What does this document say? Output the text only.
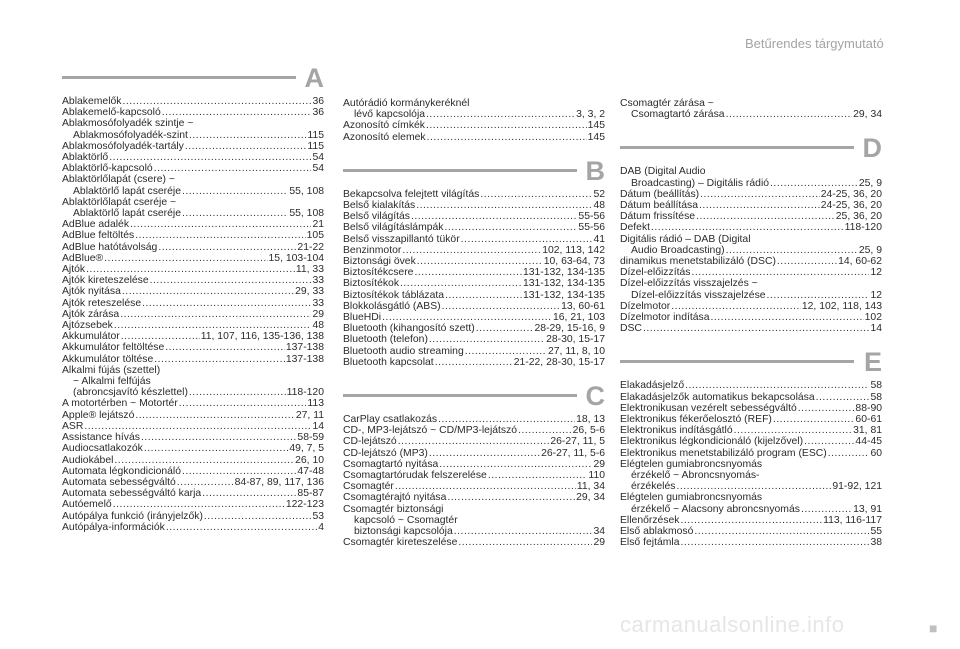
Betűrendes tárgymutató
A
Ablakemelők .....	36
Ablakemelő-kapcsoló .....	36
Ablakmosófolyadék szintje ~
Ablakmosófolyadék-szint .....	115
Ablakmosófolyadék-tartály .....	115
Ablaktörlő .....	54
Ablaktörlő-kapcsoló .....	54
Ablaktörlőlapát (csere) ~
Ablaktörlő lapát cseréje .....	55, 108
Ablaktörlőlapát cseréje ~
Ablaktörlő lapát cseréje .....	55, 108
AdBlue adalék .....	21
AdBlue feltöltés .....	105
AdBlue hatótávolság .....	21-22
AdBlue® .....	15, 103-104
Ajtók .....	11, 33
Ajtók kireteszelése .....	33
Ajtók nyitása .....	29, 33
Ajtók reteszelése .....	33
Ajtók zárása .....	29
Ajtózsebek .....	48
Akkumulátor .....	11, 107, 116, 135-136, 138
Akkumulátor feltöltése .....	137-138
Akkumulátor töltése .....	137-138
Alkalmi fújás (szettel)
~ Alkalmi felfújás
(abroncsjavító készlettel) .....	118-120
A motortérben ~ Motortér .....	113
Apple® lejátszó .....	27, 11
ASR .....	14
Assistance hívás .....	58-59
Audiocsatlakozók .....	49, 7, 5
Audiokábel .....	26, 10
Automata légkondicionáló .....	47-48
Automata sebességváltó .....	84-87, 89, 117, 136
Automata sebességváltó karja .....	85-87
Autóemelő .....	122-123
Autópálya funkció (irányjelzők) .....	53
Autópálya-információk .....	4
Autórádió kormánykeréknél
lévő kapcsolója .....	3, 3, 2
Azonosító címkék .....	145
Azonosító elemek .....	145
B
Bekapcsolva felejtett világítás .....	52
Belső kialakítás .....	48
Belső világítás .....	55-56
Belső világításlámpák .....	55-56
Belső visszapillantó tükör .....	41
Benzinmotor .....	102, 113, 142
Biztonsági övek .....	10, 63-64, 73
Biztosítékcsere .....	131-132, 134-135
Biztosítékok .....	131-132, 134-135
Biztosítékok táblázata .....	131-132, 134-135
Blokkolásgátló (ABS) .....	13, 60-61
BlueHDi .....	16, 21, 103
Bluetooth (kihangosító szett) .....	28-29, 15-16, 9
Bluetooth (telefon) .....	28-30, 15-17
Bluetooth audio streaming .....	27, 11, 8, 10
Bluetooth kapcsolat .....	21-22, 28-30, 15-17
C
CarPlay csatlakozás .....	18, 13
CD-, MP3-lejátszó ~ CD/MP3-lejátszó .....	26, 5-6
CD-lejátszó .....	26-27, 11, 5
CD-lejátszó (MP3) .....	26-27, 11, 5-6
Csomagtartó nyitása .....	29
Csomagtartórudak felszerelése .....	110
Csomagtér .....	11, 34
Csomagtérajtó nyitása .....	29, 34
Csomagtér biztonsági
kapcsoló ~ Csomagtér
biztonsági kapcsolója .....	34
Csomagtér kireteszelése .....	29
Csomagtér zárása ~
Csomagtartó zárása .....	29, 34
D
DAB (Digital Audio
Broadcasting) – Digitális rádió .....	25, 9
Dátum (beállítás) .....	24-25, 36, 20
Dátum beállítása .....	24-25, 36, 20
Dátum frissítése .....	25, 36, 20
Defekt .....	118-120
Digitális rádió – DAB (Digital
Audio Broadcasting) .....	25, 9
dinamikus menetstabilizáló (DSC) .....	14, 60-62
Dízel-előizzítás .....	12
Dízel-előizzítás visszajelzés ~
Dízel-előizzítás visszajelzése .....	12
Dízelmotor .....	12, 102, 118, 143
Dízelmotor indítása .....	102
DSC .....	14
E
Elakadásjelző .....	58
Elakadásjelzők automatikus bekapcsolása .....	58
Elektronikusan vezérelt sebességváltó .....	88-90
Elektronikus fékerőelosztó (REF) .....	60-61
Elektronikus indításgátló .....	31, 81
Elektronikus légkondicionáló (kijelzővel) .....	44-45
Elektronikus menetstabilizáló program (ESC) .....	60
Elégtelen gumiabroncsnyomás
érzékelő ~ Abroncsnyomás-
érzékelés .....	91-92, 121
Elégtelen gumiabroncsnyomás
érzékelő ~ Alacsony abroncsnyomás .....	13, 91
Ellenőrzések .....	113, 116-117
Első ablakmosó .....	55
Első fejtámla .....	38
carmanualsonline.info	■
